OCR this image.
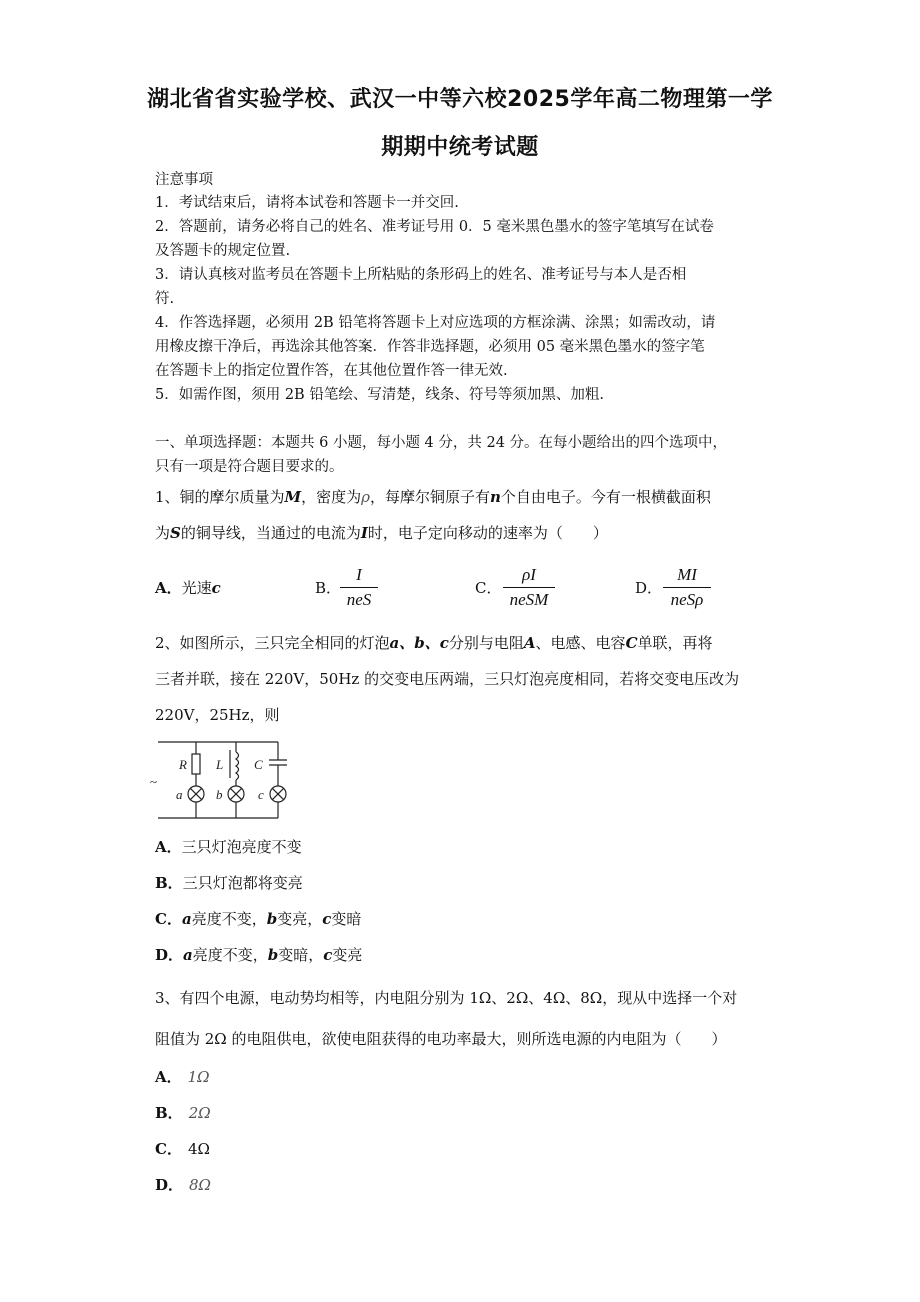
湖北省省实验学校、武汉一中等六校2025学年高二物理第一学
期期中统考试题
注意事项
1．考试结束后，请将本试卷和答题卡一并交回.
2．答题前，请务必将自己的姓名、准考证号用 0．5 毫米黑色墨水的签字笔填写在试卷
及答题卡的规定位置.
3．请认真核对监考员在答题卡上所粘贴的条形码上的姓名、准考证号与本人是否相
符.
4．作答选择题，必须用 2B 铅笔将答题卡上对应选项的方框涂满、涂黑；如需改动，请
用橡皮擦干净后，再选涂其他答案．作答非选择题，必须用 05 毫米黑色墨水的签字笔
在答题卡上的指定位置作答，在其他位置作答一律无效.
5．如需作图，须用 2B 铅笔绘、写清楚，线条、符号等须加黑、加粗.
一、单项选择题：本题共 6 小题，每小题 4 分，共 24 分。在每小题给出的四个选项中，
只有一项是符合题目要求的。
1、铜的摩尔质量为M，密度为ρ，每摩尔铜原子有n个自由电子。今有一根横截面积
为S的铜导线，当通过的电流为I时，电子定向移动的速率为（　　）
A．光速c	B．
I
neS
C．
ρI
neSM
D．
MI
neSρ
2、如图所示，三只完全相同的灯泡a、b、c分别与电阻A、电感、电容C单联，再将
三者并联，接在 220V，50Hz 的交变电压两端，三只灯泡亮度相同，若将交变电压改为
220V，25Hz，则
~
R L C
a	b	c
A．三只灯泡亮度不变
B．三只灯泡都将变亮
C．a亮度不变，b变亮，c变暗
D．a亮度不变，b变暗，c变亮
3、有四个电源，电动势均相等，内电阻分别为 1Ω、2Ω、4Ω、8Ω，现从中选择一个对
阻值为 2Ω 的电阻供电，欲使电阻获得的电功率最大，则所选电源的内电阻为（　　）
A． 1Ω
B． 2Ω
C． 4Ω
D． 8Ω
